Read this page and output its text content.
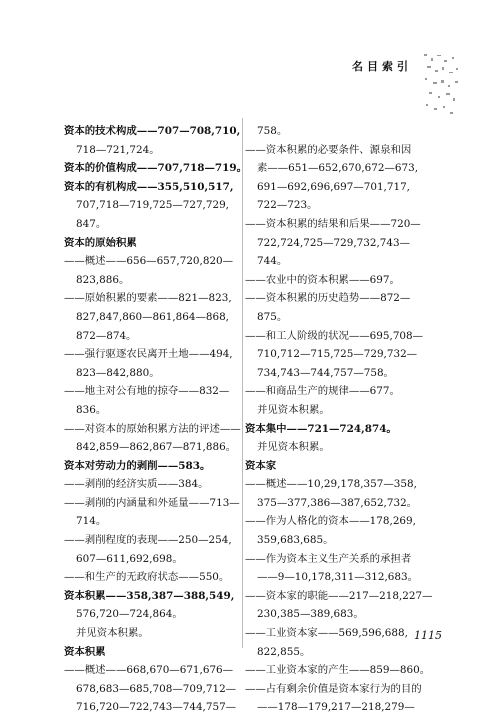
名目索引
资本的技术构成——707—708,710,
718—721,724。
资本的价值构成——707,718—719。
资本的有机构成——355,510,517,
707,718—719,725—727,729,
847。
资本的原始积累
——概述——656—657,720,820—
823,886。
——原始积累的要素——821—823,
827,847,860—861,864—868,
872—874。
——强行驱逐农民离开土地——494,
823—842,880。
——地主对公有地的掠夺——832—
836。
——对资本的原始积累方法的评述——
842,859—862,867—871,886。
资本对劳动力的剥削——583。
——剥削的经济实质——384。
——剥削的内涵量和外延量——713—
714。
——剥削程度的表现——250—254,
607—611,692,698。
——和生产的无政府状态——550。
资本积累——358,387—388,549,
576,720—724,864。
并见资本积累。
资本积累
——概述——668,670—671,676—
678,683—685,708—709,712—
716,720—722,743—744,757—
758。
——资本积累的必要条件、源泉和因
素——651—652,670,672—673,
691—692,696,697—701,717,
722—723。
——资本积累的结果和后果——720—
722,724,725—729,732,743—
744。
——农业中的资本积累——697。
——资本积累的历史趋势——872—
875。
——和工人阶级的状况——695,708—
710,712—715,725—729,732—
734,743—744,757—758。
——和商品生产的规律——677。
并见资本积累。
资本集中——721—724,874。
并见资本积累。
资本家
——概述——10,29,178,357—358,
375—377,386—387,652,732。
——作为人格化的资本——178,269,
359,683,685。
——作为资本主义生产关系的承担者
——9—10,178,311—312,683。
——资本家的职能——217—218,227—
230,385—389,683。
——工业资本家——569,596,688,
822,855。
——工业资本家的产生——859—860。
——占有剩余价值是资本家行为的目的
——178—179,217—218,279—
1115
